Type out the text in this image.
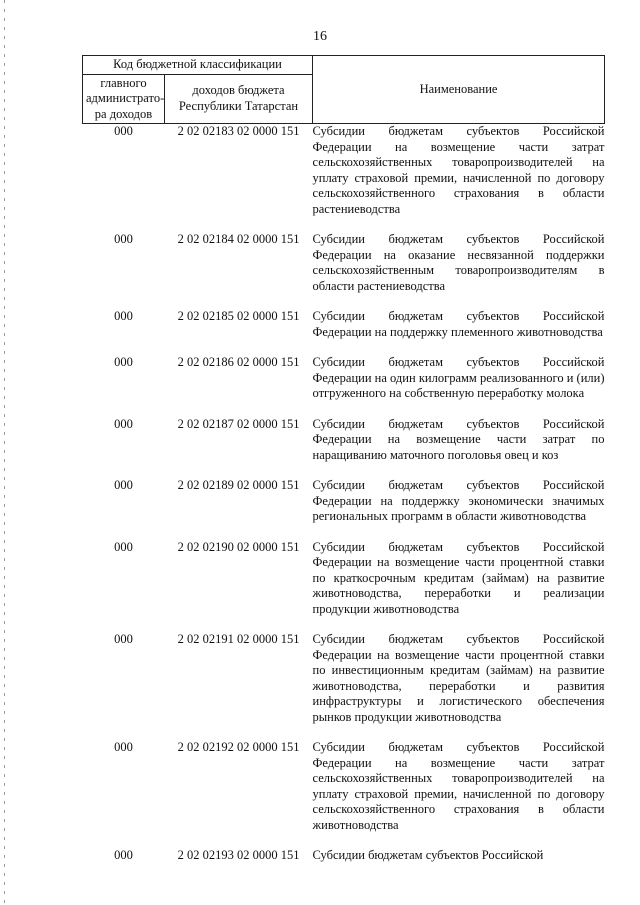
16
Код бюджетной классификации		Наименование
главного администрато-ра доходов	доходов бюджета Республики Татарстан	
000	2 02 02183 02 0000 151	Субсидии бюджетам субъектов Российской Федерации на возмещение части затрат сельскохозяйственных товаропроизводителей на уплату страховой премии, начисленной по договору сельскохозяйственного страхования в области растениеводства

000	2 02 02184 02 0000 151	Субсидии бюджетам субъектов Российской Федерации на оказание несвязанной поддержки сельскохозяйственным товаропроизводителям в области растениеводства

000	2 02 02185 02 0000 151	Субсидии бюджетам субъектов Российской Федерации на поддержку племенного животноводства

000	2 02 02186 02 0000 151	Субсидии бюджетам субъектов Российской Федерации на один килограмм реализованного и (или) отгруженного на собственную переработку молока

000	2 02 02187 02 0000 151	Субсидии бюджетам субъектов Российской Федерации на возмещение части затрат по наращиванию маточного поголовья овец и коз

000	2 02 02189 02 0000 151	Субсидии бюджетам субъектов Российской Федерации на поддержку экономически значимых региональных программ в области животноводства

000	2 02 02190 02 0000 151	Субсидии бюджетам субъектов Российской Федерации на возмещение части процентной ставки по краткосрочным кредитам (займам) на развитие животноводства, переработки и реализации продукции животноводства

000	2 02 02191 02 0000 151	Субсидии бюджетам субъектов Российской Федерации на возмещение части процентной ставки по инвестиционным кредитам (займам) на развитие животноводства, переработки и развития инфраструктуры и логистического обеспечения рынков продукции животноводства

000	2 02 02192 02 0000 151	Субсидии бюджетам субъектов Российской Федерации на возмещение части затрат сельскохозяйственных товаропроизводителей на уплату страховой премии, начисленной по договору сельскохозяйственного страхования в области животноводства

000	2 02 02193 02 0000 151	Субсидии бюджетам субъектов Российской
